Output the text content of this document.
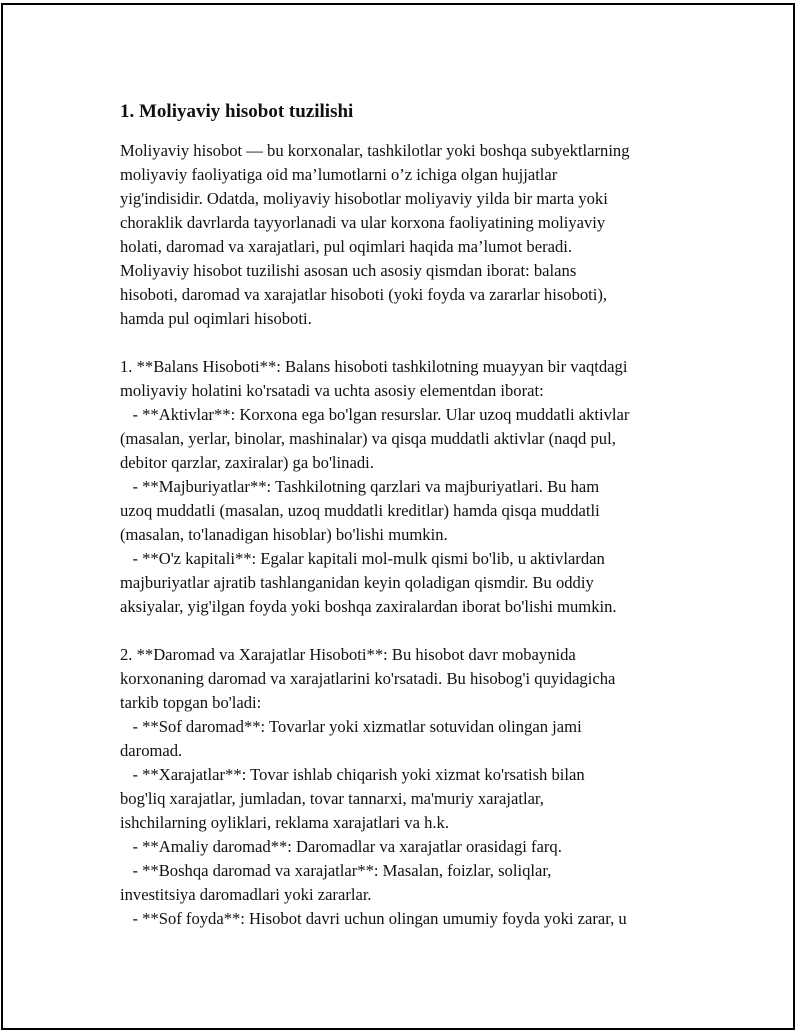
1. Moliyaviy hisobot tuzilishi
Moliyaviy hisobot — bu korxonalar, tashkilotlar yoki boshqa subyektlarning
moliyaviy faoliyatiga oid ma’lumotlarni o’z ichiga olgan hujjatlar
yig'indisidir. Odatda, moliyaviy hisobotlar moliyaviy yilda bir marta yoki
choraklik davrlarda tayyorlanadi va ular korxona faoliyatining moliyaviy
holati, daromad va xarajatlari, pul oqimlari haqida ma’lumot beradi.
Moliyaviy hisobot tuzilishi asosan uch asosiy qismdan iborat: balans
hisoboti, daromad va xarajatlar hisoboti (yoki foyda va zararlar hisoboti),
hamda pul oqimlari hisoboti.
1. **Balans Hisoboti**: Balans hisoboti tashkilotning muayyan bir vaqtdagi
moliyaviy holatini ko'rsatadi va uchta asosiy elementdan iborat:
- **Aktivlar**: Korxona ega bo'lgan resurslar. Ular uzoq muddatli aktivlar
(masalan, yerlar, binolar, mashinalar) va qisqa muddatli aktivlar (naqd pul,
debitor qarzlar, zaxiralar) ga bo'linadi.
- **Majburiyatlar**: Tashkilotning qarzlari va majburiyatlari. Bu ham
uzoq muddatli (masalan, uzoq muddatli kreditlar) hamda qisqa muddatli
(masalan, to'lanadigan hisoblar) bo'lishi mumkin.
- **O'z kapitali**: Egalar kapitali mol-mulk qismi bo'lib, u aktivlardan
majburiyatlar ajratib tashlanganidan keyin qoladigan qismdir. Bu oddiy
aksiyalar, yig'ilgan foyda yoki boshqa zaxiralardan iborat bo'lishi mumkin.
2. **Daromad va Xarajatlar Hisoboti**: Bu hisobot davr mobaynida
korxonaning daromad va xarajatlarini ko'rsatadi. Bu hisobog'i quyidagicha
tarkib topgan bo'ladi:
- **Sof daromad**: Tovarlar yoki xizmatlar sotuvidan olingan jami
daromad.
- **Xarajatlar**: Tovar ishlab chiqarish yoki xizmat ko'rsatish bilan
bog'liq xarajatlar, jumladan, tovar tannarxi, ma'muriy xarajatlar,
ishchilarning oyliklari, reklama xarajatlari va h.k.
- **Amaliy daromad**: Daromadlar va xarajatlar orasidagi farq.
- **Boshqa daromad va xarajatlar**: Masalan, foizlar, soliqlar,
investitsiya daromadlari yoki zararlar.
- **Sof foyda**: Hisobot davri uchun olingan umumiy foyda yoki zarar, u
